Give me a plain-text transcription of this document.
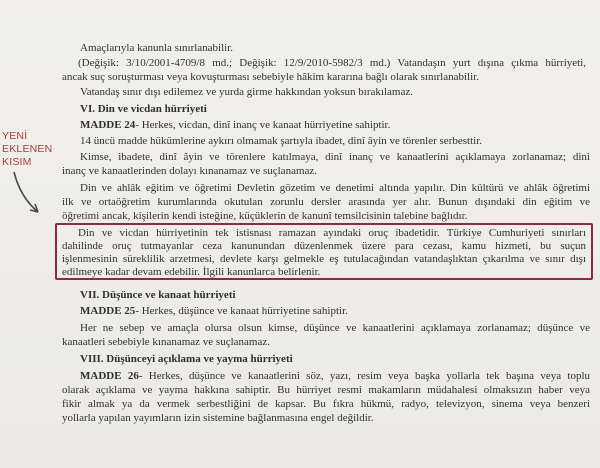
YENİ
EKLENEN
KISIM
Amaçlarıyla kanunla sınırlanabilir.
(Değişik: 3/10/2001-4709/8 md.; Değişik: 12/9/2010-5982/3 md.) Vatandaşın yurt dışına çıkma hürriyeti,
ancak suç soruşturması veya kovuşturması sebebiyle hâkim kararına bağlı olarak sınırlanabilir.
Vatandaş sınır dışı edilemez ve yurda girme hakkından yoksun bırakılamaz.
VI. Din ve vicdan hürriyeti
MADDE 24- Herkes, vicdan, dinî inanç ve kanaat hürriyetine sahiptir.
14 üncü madde hükümlerine aykırı olmamak şartıyla ibadet, dinî âyin ve törenler serbesttir.
Kimse, ibadete, dinî âyin ve törenlere katılmaya, dinî inanç ve kanaatlerini açıklamaya zorlanamaz; dini
inanç ve kanaatlerinden dolayı kınanamaz ve suçlanamaz.
Din ve ahlâk eğitim ve öğretimi Devletin gözetim ve denetimi altında yapılır. Din kültürü ve ahlâk öğretimi
ilk ve ortaöğretim kurumlarında okutulan zorunlu dersler arasında yer alır. Bunun dışındaki din eğitim ve
öğretimi ancak, kişilerin kendi isteğine, küçüklerin de kanunî temsilcisinin talebine bağlıdır.
Din ve vicdan hürriyetinin tek istisnası ramazan ayındaki oruç ibadetidir. Türkiye Cumhuriyeti sınırları
dahilinde oruç tutmayanlar ceza kanunundan düzenlenmek üzere para cezası, kamu hizmeti, bu suçun
işlenmesinin süreklilik arzetmesi, devlete karşı gelmekle eş tutulacağından vatandaşlıktan çıkarılma ve sınır dışı
edilmeye kadar devam edebilir. İlgili kanunlarca belirlenir.
VII. Düşünce ve kanaat hürriyeti
MADDE 25- Herkes, düşünce ve kanaat hürriyetine sahiptir.
Her ne sebep ve amaçla olursa olsun kimse, düşünce ve kanaatlerini açıklamaya zorlanamaz; düşünce ve
kanaatleri sebebiyle kınanamaz ve suçlanamaz.
VIII. Düşünceyi açıklama ve yayma hürriyeti
MADDE 26- Herkes, düşünce ve kanaatlerini söz, yazı, resim veya başka yollarla tek başına veya toplu
olarak açıklama ve yayma hakkına sahiptir. Bu hürriyet resmi makamların müdahalesi olmaksızın haber veya
fikir almak ya da vermek serbestliğini de kapsar. Bu fıkra hükmü, radyo, televizyon, sinema veya benzeri
yollarla yapılan yayımların izin sistemine bağlanmasına engel değildir.
